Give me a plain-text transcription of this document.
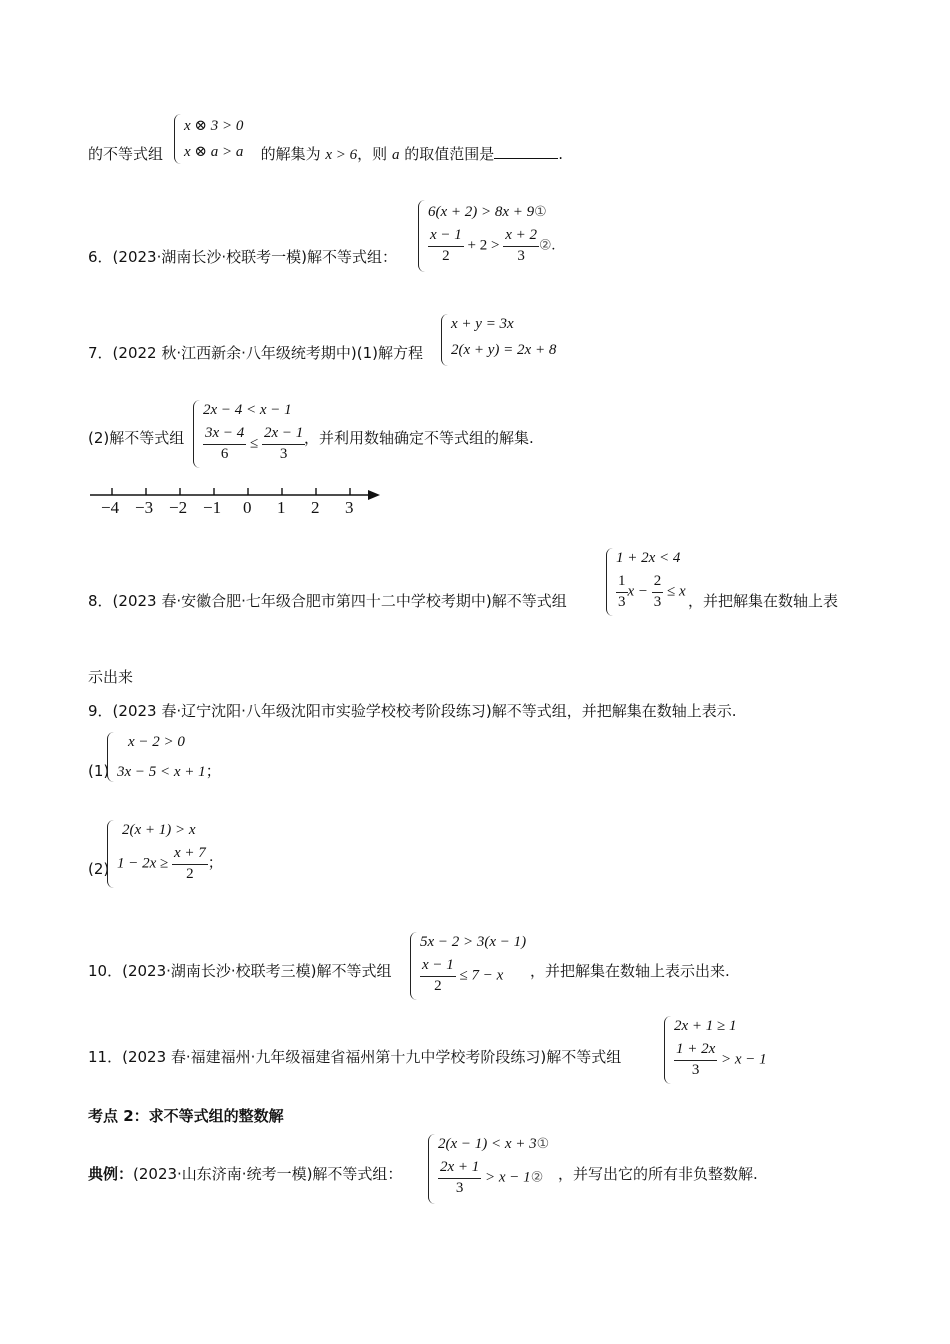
x ⊗ 3 > 0
x ⊗ a > a
的不等式组	的解集为 x > 6，则 a 的取值范围是	.
6．(2023·湖南长沙·校联考一模)解不等式组：
6(x + 2) > 8x + 9①
$\frac{x - 1}{2} + 2 > \frac{x + 2}{3}$ ②.
7．(2022 秋·江西新余·八年级统考期中)(1)解方程
x + y = 3x
2(x + y) = 2x + 8
(2)解不等式组
2x − 4 < x − 1
$\frac{3x - 4}{6} \le \frac{2x - 1}{3}$
，并利用数轴确定不等式组的解集.
−4 −3 −2 −1 0 1 2 3
8．(2023 春·安徽合肥·七年级合肥市第四十二中学校考期中)解不等式组
1 + 2x < 4
$\frac{1}{3}$ $x - \frac{2}{3} \le x$
，并把解集在数轴上表
示出来
9．(2023 春·辽宁沈阳·八年级沈阳市实验学校校考阶段练习)解不等式组，并把解集在数轴上表示.
(1)
x − 2 > 0
3x − 5 < x + 1；
(2)
2(x + 1) > x
$1 - 2x \ge \frac{x + 7}{2}$ ；
10．(2023·湖南长沙·校联考三模)解不等式组
5x − 2 > 3(x − 1)
$\frac{x - 1}{2} \le 7 - x$ ，并把解集在数轴上表示出来.
11．(2023 春·福建福州·九年级福建省福州第十九中学校考阶段练习)解不等式组
2x + 1 ≥ 1
$\frac{1 + 2x}{3} > x - 1$
考点 2：求不等式组的整数解
典例：(2023·山东济南·统考一模)解不等式组：
2(x − 1) < x + 3①
$\frac{2x + 1}{3} > x$ − 1② ，并写出它的所有非负整数解.
